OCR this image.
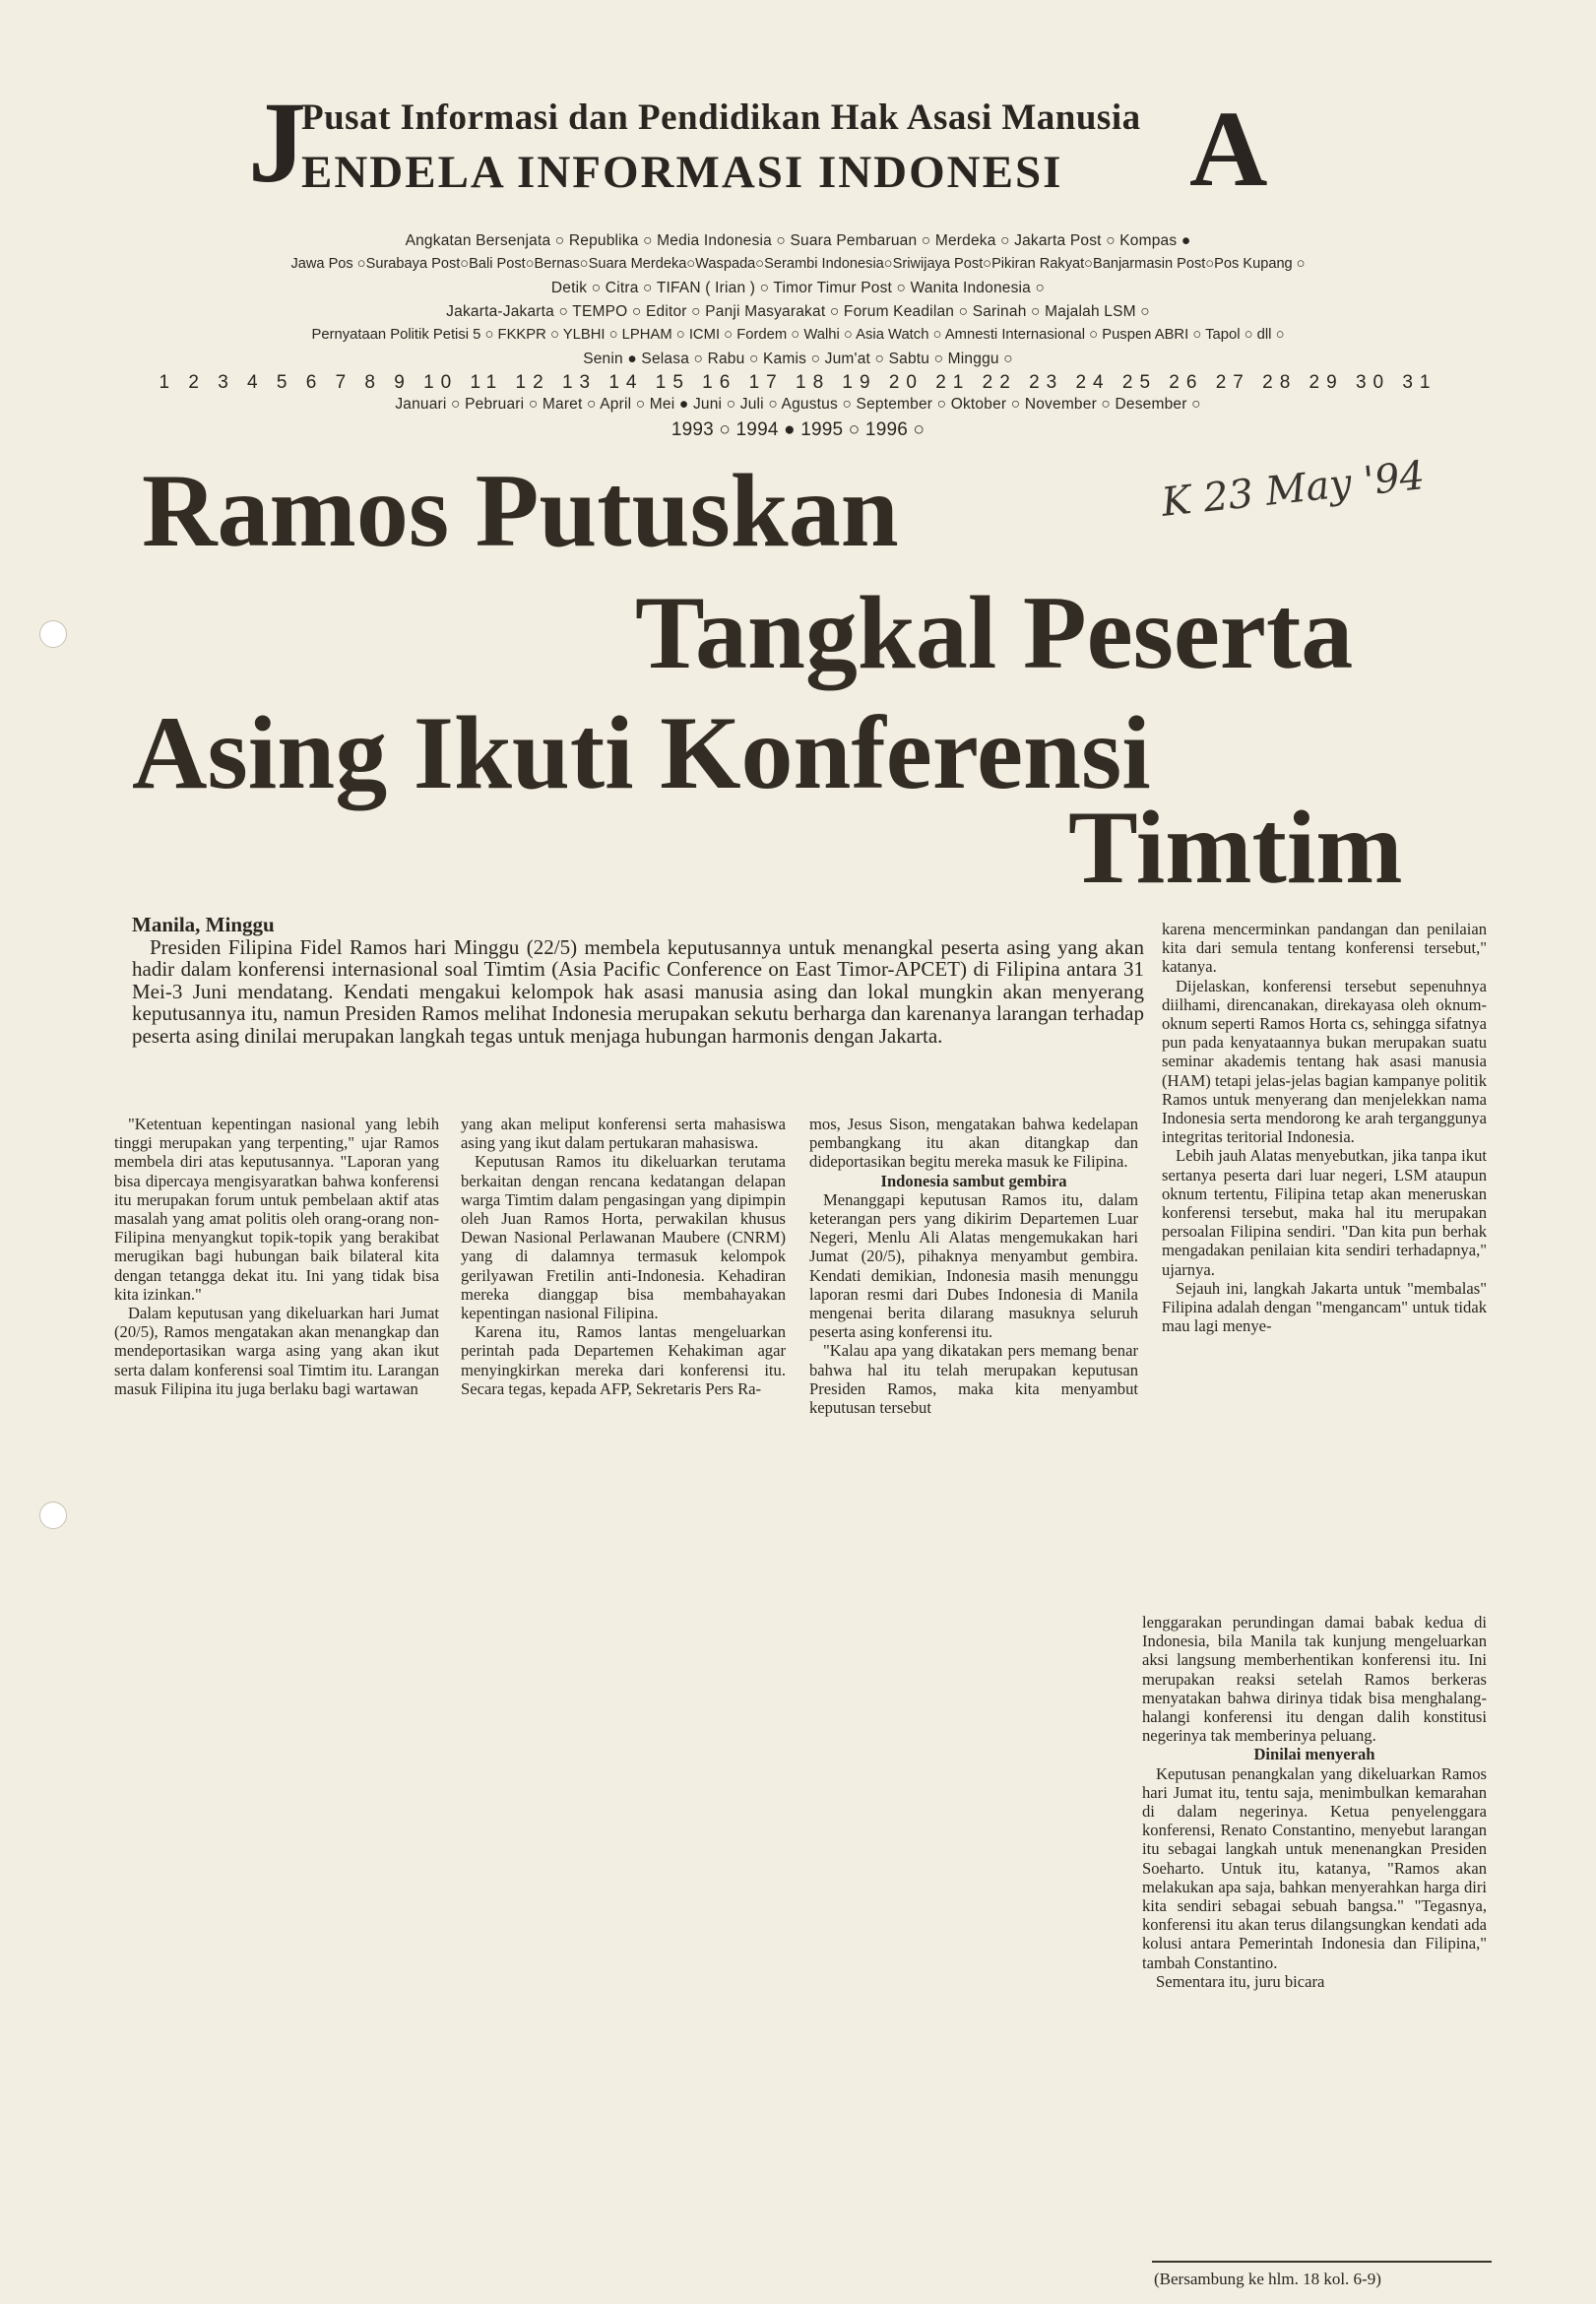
J
Pusat Informasi dan Pendidikan Hak Asasi Manusia
ENDELA INFORMASI INDONESI A
Angkatan Bersenjata ○ Republika ○ Media Indonesia ○ Suara Pembaruan ○ Merdeka ○ Jakarta Post ○ Kompas ●
Jawa Pos ○Surabaya Post○Bali Post○Bernas○Suara Merdeka○Waspada○Serambi Indonesia○Sriwijaya Post○Pikiran Rakyat○Banjarmasin Post○Pos Kupang ○
Detik ○ Citra ○ TIFAN ( Irian ) ○ Timor Timur Post ○ Wanita Indonesia ○
Jakarta-Jakarta ○ TEMPO ○ Editor ○ Panji Masyarakat ○ Forum Keadilan ○ Sarinah ○ Majalah LSM ○
Pernyataan Politik Petisi 5 ○ FKKPR ○ YLBHI ○ LPHAM ○ ICMI ○ Fordem ○ Walhi ○ Asia Watch ○ Amnesti Internasional ○ Puspen ABRI ○ Tapol ○ dll ○
Senin ● Selasa ○ Rabu ○ Kamis ○ Jum'at ○ Sabtu ○ Minggu ○
1 2 3 4 5 6 7 8 9 10 11 12 13 14 15 16 17 18 19 20 21 22 23 24 25 26 27 28 29 30 31
Januari ○ Pebruari ○ Maret ○ April ○ Mei ● Juni ○ Juli ○ Agustus ○ September ○ Oktober ○ November ○ Desember ○
1993 ○ 1994 ● 1995 ○ 1996 ○
K 23 May '94
Ramos Putuskan
Tangkal Peserta
Asing Ikuti Konferensi
Timtim
Manila, Minggu
Presiden Filipina Fidel Ramos hari Minggu (22/5) membela keputusannya untuk menangkal peserta asing yang akan hadir dalam konferensi internasional soal Timtim (Asia Pacific Conference on East Timor-APCET) di Filipina antara 31 Mei-3 Juni mendatang. Kendati mengakui kelompok hak asasi manusia asing dan lokal mungkin akan menyerang keputusannya itu, namun Presiden Ramos melihat Indonesia merupakan sekutu berharga dan karenanya larangan terhadap peserta asing dinilai merupakan langkah tegas untuk menjaga hubungan harmonis dengan Jakarta.

"Ketentuan kepentingan nasional yang lebih tinggi merupakan yang terpenting," ujar Ramos membela diri atas keputusannya. "Laporan yang bisa dipercaya mengisyaratkan bahwa konferensi itu merupakan forum untuk pembelaan aktif atas masalah yang amat politis oleh orang-orang non-Filipina menyangkut topik-topik yang berakibat merugikan bagi hubungan baik bilateral kita dengan tetangga dekat itu. Ini yang tidak bisa kita izinkan."

Dalam keputusan yang dikeluarkan hari Jumat (20/5), Ramos mengatakan akan menangkap dan mendeportasikan warga asing yang akan ikut serta dalam konferensi soal Timtim itu. Larangan masuk Filipina itu juga berlaku bagi wartawan

yang akan meliput konferensi serta mahasiswa asing yang ikut dalam pertukaran mahasiswa.

Keputusan Ramos itu dikeluarkan terutama berkaitan dengan rencana kedatangan delapan warga Timtim dalam pengasingan yang dipimpin oleh Juan Ramos Horta, perwakilan khusus Dewan Nasional Perlawanan Maubere (CNRM) yang di dalamnya termasuk kelompok gerilyawan Fretilin anti-Indonesia. Kehadiran mereka dianggap bisa membahayakan kepentingan nasional Filipina.

Karena itu, Ramos lantas mengeluarkan perintah pada Departemen Kehakiman agar menyingkirkan mereka dari konferensi itu. Secara tegas, kepada AFP, Sekretaris Pers Ra-

mos, Jesus Sison, mengatakan bahwa kedelapan pembangkang itu akan ditangkap dan dideportasikan begitu mereka masuk ke Filipina.

Indonesia sambut gembira

Menanggapi keputusan Ramos itu, dalam keterangan pers yang dikirim Departemen Luar Negeri, Menlu Ali Alatas mengemukakan hari Jumat (20/5), pihaknya menyambut gembira. Kendati demikian, Indonesia masih menunggu laporan resmi dari Dubes Indonesia di Manila mengenai berita dilarang masuknya seluruh peserta asing konferensi itu.

"Kalau apa yang dikatakan pers memang benar bahwa hal itu telah merupakan keputusan Presiden Ramos, maka kita menyambut keputusan tersebut

karena mencerminkan pandangan dan penilaian kita dari semula tentang konferensi tersebut," katanya.

Dijelaskan, konferensi tersebut sepenuhnya diilhami, direncanakan, direkayasa oleh oknum-oknum seperti Ramos Horta cs, sehingga sifatnya pun pada kenyataannya bukan merupakan suatu seminar akademis tentang hak asasi manusia (HAM) tetapi jelas-jelas bagian kampanye politik Ramos untuk menyerang dan menjelekkan nama Indonesia serta mendorong ke arah terganggunya integritas teritorial Indonesia.

Lebih jauh Alatas menyebutkan, jika tanpa ikut sertanya peserta dari luar negeri, LSM ataupun oknum tertentu, Filipina tetap akan meneruskan konferensi tersebut, maka hal itu merupakan persoalan Filipina sendiri. "Dan kita pun berhak mengadakan penilaian kita sendiri terhadapnya," ujarnya.

Sejauh ini, langkah Jakarta untuk "membalas" Filipina adalah dengan "mengancam" untuk tidak mau lagi menye-

lenggarakan perundingan damai babak kedua di Indonesia, bila Manila tak kunjung mengeluarkan aksi langsung memberhentikan konferensi itu. Ini merupakan reaksi setelah Ramos berkeras menyatakan bahwa dirinya tidak bisa menghalang-halangi konferensi itu dengan dalih konstitusi negerinya tak memberinya peluang.

Dinilai menyerah

Keputusan penangkalan yang dikeluarkan Ramos hari Jumat itu, tentu saja, menimbulkan kemarahan di dalam negerinya. Ketua penyelenggara konferensi, Renato Constantino, menyebut larangan itu sebagai langkah untuk menenangkan Presiden Soeharto. Untuk itu, katanya, "Ramos akan melakukan apa saja, bahkan menyerahkan harga diri kita sendiri sebagai sebuah bangsa." "Tegasnya, konferensi itu akan terus dilangsungkan kendati ada kolusi antara Pemerintah Indonesia dan Filipina," tambah Constantino.

Sementara itu, juru bicara

(Bersambung ke hlm. 18 kol. 6-9)
